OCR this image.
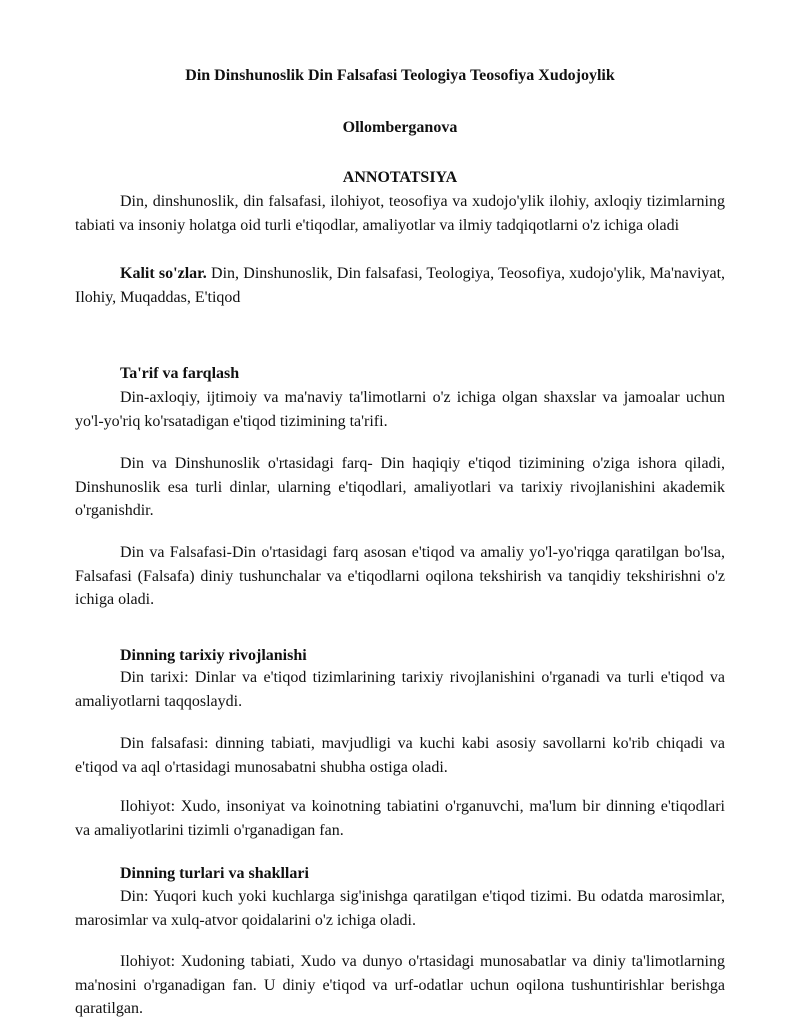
Din Dinshunoslik Din Falsafasi Teologiya Teosofiya Xudojoylik
Ollomberganova
ANNOTATSIYA

Din, dinshunoslik, din falsafasi, ilohiyot, teosofiya va xudojo'ylik ilohiy, axloqiy tizimlarning tabiati va insoniy holatga oid turli e'tiqodlar, amaliyotlar va ilmiy tadqiqotlarni o'z ichiga oladi

Kalit so'zlar. Din, Dinshunoslik, Din falsafasi, Teologiya, Teosofiya, xudojo'ylik, Ma'naviyat, Ilohiy, Muqaddas, E'tiqod

Ta'rif va farqlash

Din-axloqiy, ijtimoiy va ma'naviy ta'limotlarni o'z ichiga olgan shaxslar va jamoalar uchun yo'l-yo'riq ko'rsatadigan e'tiqod tizimining ta'rifi.

Din va Dinshunoslik o'rtasidagi farq- Din haqiqiy e'tiqod tizimining o'ziga ishora qiladi, Dinshunoslik esa turli dinlar, ularning e'tiqodlari, amaliyotlari va tarixiy rivojlanishini akademik o'rganishdir.

Din va Falsafasi-Din o'rtasidagi farq asosan e'tiqod va amaliy yo'l-yo'riqga qaratilgan bo'lsa, Falsafasi (Falsafa) diniy tushunchalar va e'tiqodlarni oqilona tekshirish va tanqidiy tekshirishni o'z ichiga oladi.

Dinning tarixiy rivojlanishi

Din tarixi: Dinlar va e'tiqod tizimlarining tarixiy rivojlanishini o'rganadi va turli e'tiqod va amaliyotlarni taqqoslaydi.

Din falsafasi: dinning tabiati, mavjudligi va kuchi kabi asosiy savollarni ko'rib chiqadi va e'tiqod va aql o'rtasidagi munosabatni shubha ostiga oladi.

Ilohiyot: Xudo, insoniyat va koinotning tabiatini o'rganuvchi, ma'lum bir dinning e'tiqodlari va amaliyotlarini tizimli o'rganadigan fan.

Dinning turlari va shakllari

Din: Yuqori kuch yoki kuchlarga sig'inishga qaratilgan e'tiqod tizimi. Bu odatda marosimlar, marosimlar va xulq-atvor qoidalarini o'z ichiga oladi.

Ilohiyot: Xudoning tabiati, Xudo va dunyo o'rtasidagi munosabatlar va diniy ta'limotlarning ma'nosini o'rganadigan fan. U diniy e'tiqod va urf-odatlar uchun oqilona tushuntirishlar berishga qaratilgan.
